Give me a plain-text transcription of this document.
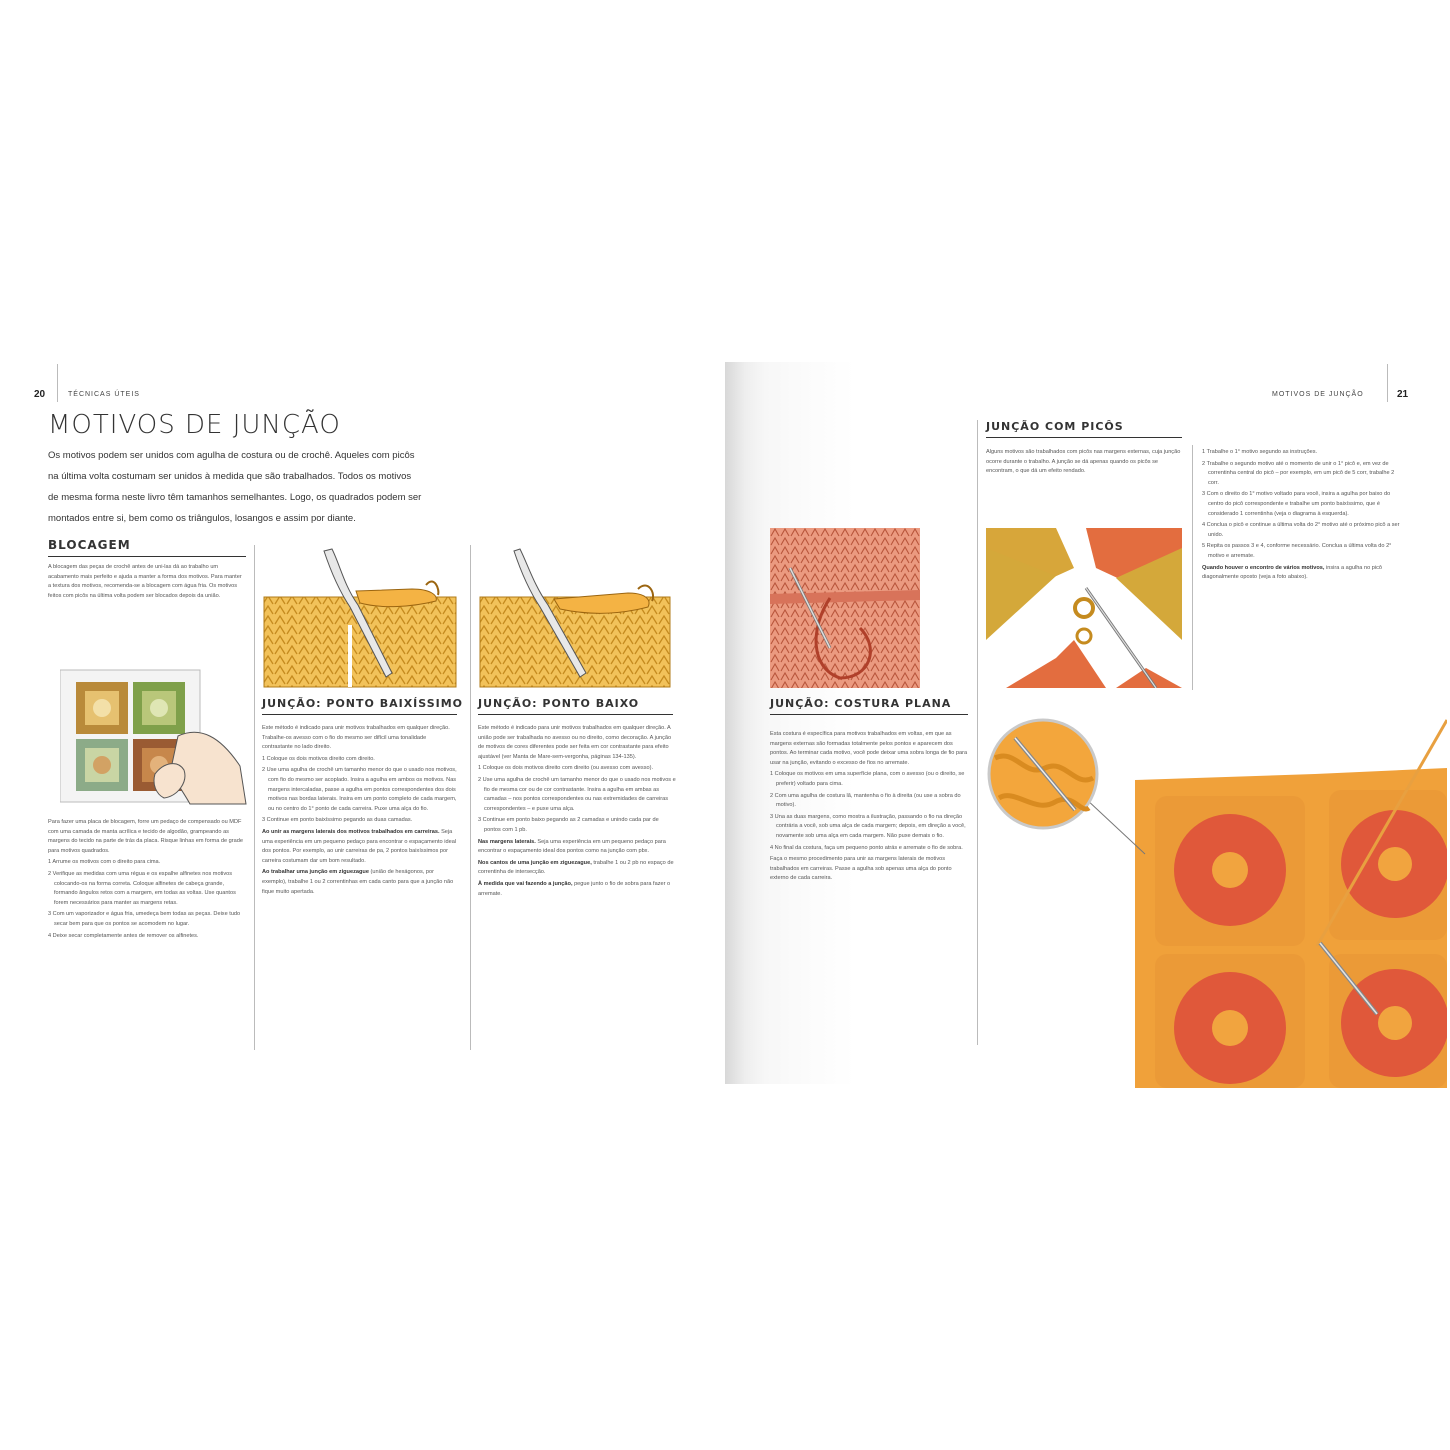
20	TÉCNICAS ÚTEIS
MOTIVOS DE JUNÇÃO
Os motivos podem ser unidos com agulha de costura ou de crochê. Aqueles com picôs
na última volta costumam ser unidos à medida que são trabalhados. Todos os motivos
de mesma forma neste livro têm tamanhos semelhantes. Logo, os quadrados podem ser
montados entre si, bem como os triângulos, losangos e assim por diante.
BLOCAGEM

A blocagem das peças de crochê antes de uni-las dá ao trabalho um acabamento mais perfeito e ajuda a manter a forma dos motivos. Para manter a textura dos motivos, recomenda-se a blocagem com água fria. Os motivos feitos com picôs na última volta podem ser blocados depois da união.

Para fazer uma placa de blocagem, forre um pedaço de compensado ou MDF com uma camada de manta acrílica e tecido de algodão, grampeando as margens do tecido na parte de trás da placa. Risque linhas em forma de grade para motivos quadrados.

1 Arrume os motivos com o direito para cima.

2 Verifique as medidas com uma régua e os espalhe alfinetes nos motivos colocando-os na forma correta. Coloque alfinetes de cabeça grande, formando ângulos retos com a margem, em todas as voltas. Use quantos forem necessários para manter as margens retas.

3 Com um vaporizador e água fria, umedeça bem todas as peças. Deixe tudo secar bem para que os pontos se acomodem no lugar.

4 Deixe secar completamente antes de remover os alfinetes.

JUNÇÃO: PONTO BAIXÍSSIMO

Este método é indicado para unir motivos trabalhados em qualquer direção. Trabalhe-os avesso com o fio do mesmo ser difícil uma tonalidade contrastante no lado direito.

1 Coloque os dois motivos direito com direito.

2 Use uma agulha de crochê um tamanho menor do que o usado nos motivos, com fio do mesmo ser acoplado. Insira a agulha em ambos os motivos. Nas margens intercaladas, passe a agulha em pontos correspondentes dos dois motivos nas bordas laterais. Insira em um ponto completo de cada margem, ou no centro do 1° ponto de cada carreira. Puxe uma alça do fio.

3 Continue em ponto baixíssimo pegando as duas camadas.

Ao unir as margens laterais dos motivos trabalhados em carreiras. Seja uma experiência em um pequeno pedaço para encontrar o espaçamento ideal dos pontos. Por exemplo, ao unir carreiras de pa, 2 pontos baixíssimos por carreira costumam dar um bom resultado.

Ao trabalhar uma junção em ziguezague (união de hexágonos, por exemplo), trabalhe 1 ou 2 correntinhas em cada canto para que a junção não fique muito apertada.

JUNÇÃO: PONTO BAIXO

Este método é indicado para unir motivos trabalhados em qualquer direção. A união pode ser trabalhada no avesso ou no direito, como decoração. A junção de motivos de cores diferentes pode ser feita em cor contrastante para efeito ajustável (ver Manta de Mare-sem-vergonha, páginas 134-135).

1 Coloque os dois motivos direito com direito (ou avesso com avesso).

2 Use uma agulha de crochê um tamanho menor do que o usado nos motivos e fio de mesma cor ou de cor contrastante. Insira a agulha em ambas as camadas – nos pontos correspondentes ou nas extremidades de carreiras correspondentes – e puxe uma alça.

3 Continue em ponto baixo pegando as 2 camadas e unindo cada par de pontos com 1 pb.

Nas margens laterais. Seja uma experiência em um pequeno pedaço para encontrar o espaçamento ideal dos pontos como na junção com pbx.

Nos cantos de uma junção em ziguezague, trabalhe 1 ou 2 pb no espaço de correntinha de intersecção.

À medida que vai fazendo a junção, pegue junto o fio de sobra para fazer o arremate.

MOTIVOS DE JUNÇÃO	21
JUNÇÃO: COSTURA PLANA

Esta costura é específica para motivos trabalhados em voltas, em que as margens externas são formadas totalmente pelos pontos e aparecem dos pontos. Ao terminar cada motivo, você pode deixar uma sobra longa de fio para usar na junção, evitando o excesso de fios no arremate.

1 Coloque os motivos em uma superfície plana, com o avesso (ou o direito, se preferir) voltado para cima.

2 Com uma agulha de costura lã, mantenha o fio à direita (ou use a sobra do motivo).

3 Una as duas margens, como mostra a ilustração, passando o fio na direção contrária a você, sob uma alça de cada margem; depois, em direção a você, novamente sob uma alça em cada margem. Não puxe demais o fio.

4 No final da costura, faça um pequeno ponto atrás e arremate o fio de sobra.

Faça o mesmo procedimento para unir as margens laterais de motivos trabalhados em carreiras. Passe a agulha sob apenas uma alça do ponto externo de cada carreira.

JUNÇÃO COM PICÔS

Alguns motivos são trabalhados com picôs nas margens externas, cuja junção ocorre durante o trabalho. A junção se dá apenas quando os picôs se encontram, o que dá um efeito rendado.

1 Trabalhe o 1° motivo segundo as instruções.

2 Trabalhe o segundo motivo até o momento de unir o 1° picô e, em vez de correntinha central do picô – por exemplo, em um picô de 5 corr, trabalhe 2 corr.

3 Com o direito do 1° motivo voltado para você, insira a agulha por baixo do centro do picô correspondente e trabalhe um ponto baixíssimo, que é considerado 1 correntinha (veja o diagrama à esquerda).

4 Conclua o picô e continue a última volta do 2° motivo até o próximo picô a ser unido.

5 Repita os passos 3 e 4, conforme necessário. Conclua a última volta do 2° motivo e arremate.

Quando houver o encontro de vários motivos, insira a agulha no picô diagonalmente oposto (veja a foto abaixo).
